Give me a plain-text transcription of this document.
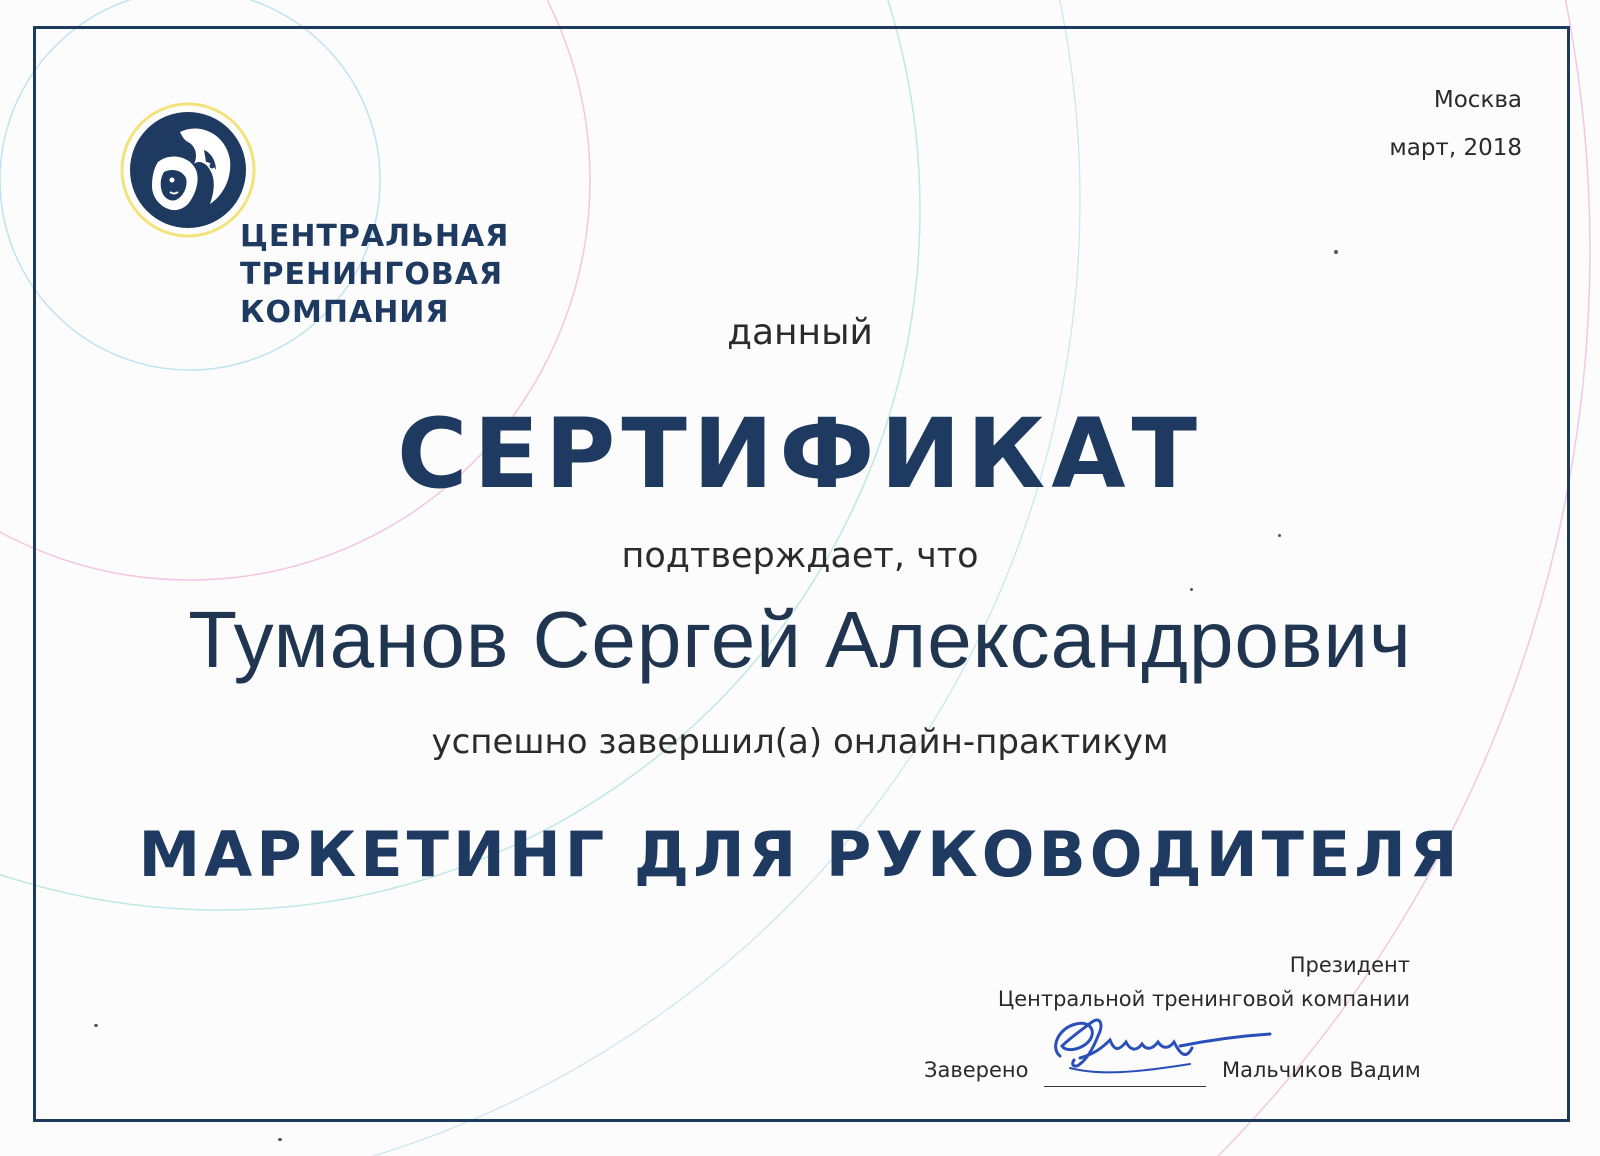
ЦЕНТРАЛЬНАЯ
ТРЕНИНГОВАЯ
КОМПАНИЯ
Москва
март, 2018
данный
СЕРТИФИКАТ
подтверждает, что
Туманов Сергей Александрович
успешно завершил(а) онлайн-практикум
МАРКЕТИНГ ДЛЯ РУКОВОДИТЕЛЯ
Президент
Центральной тренинговой компании
Заверено	Мальчиков Вадим
